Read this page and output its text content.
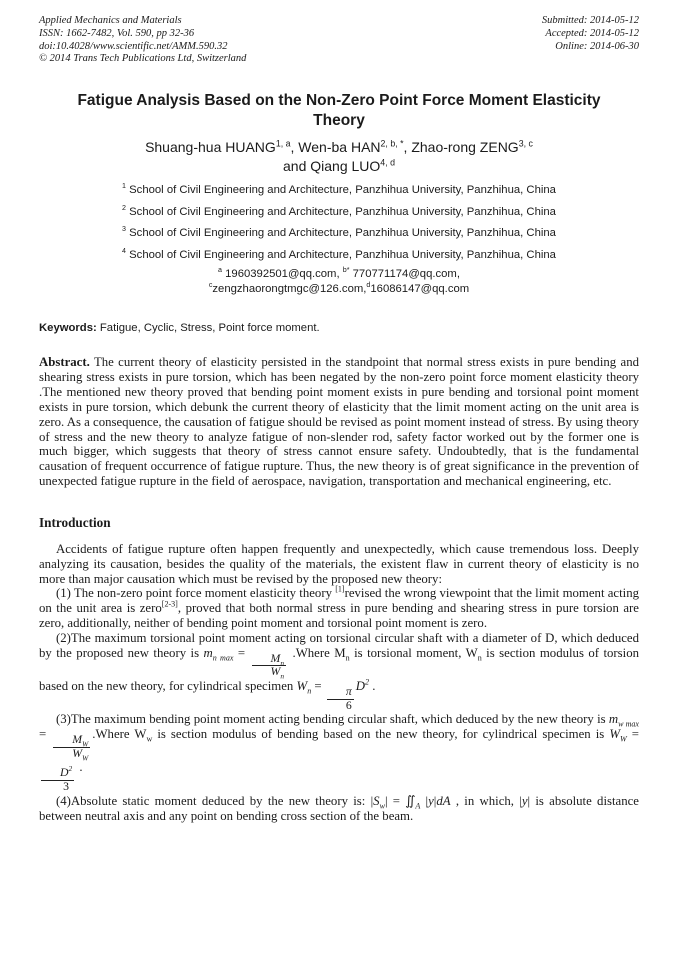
Applied Mechanics and Materials
ISSN: 1662-7482, Vol. 590, pp 32-36
doi:10.4028/www.scientific.net/AMM.590.32
© 2014 Trans Tech Publications Ltd, Switzerland
Submitted: 2014-05-12
Accepted: 2014-05-12
Online: 2014-06-30
Fatigue Analysis Based on the Non-Zero Point Force Moment Elasticity Theory
Shuang-hua HUANG$^{1, a}$, Wen-ba $HAN^{2, b, *}$, Zhao-rong ZENG$^{3, c}$
and Qiang LUO$^{4, d}$
$^1$ School of Civil Engineering and Architecture, Panzhihua University, Panzhihua, China
$^2$ School of Civil Engineering and Architecture, Panzhihua University, Panzhihua, China
$^3$ School of Civil Engineering and Architecture, Panzhihua University, Panzhihua, China
$^4$ School of Civil Engineering and Architecture, Panzhihua University, Panzhihua, China
$^a$ 1960392501@qq.com, $^{b*}$ 770771174@qq.com,
$^c$zengzhaorongtmgc@126.com,$^d$16086147@qq.com

Keywords: Fatigue, Cyclic, Stress, Point force moment.

Abstract. The current theory of elasticity persisted in the standpoint that normal stress exists in pure bending and shearing stress exists in pure torsion, which has been negated by the non-zero point force moment elasticity theory .The mentioned new theory proved that bending point moment exists in pure bending and torsional point moment exists in pure torsion, which debunk the current theory of elasticity that the limit moment acting on the unit area is zero. As a consequence, the causation of fatigue should be revised as point moment instead of stress. By using theory of stress and the new theory to analyze fatigue of non-slender rod, safety factor worked out by the former one is much bigger, which suggests that theory of stress cannot ensure safety. Undoubtedly, that is the fundamental causation of frequent occurrence of fatigue rupture. Thus, the new theory is of great significance in the prevention of unexpected fatigue rupture in the field of aerospace, navigation, transportation and mechanical engineering, etc.

Introduction

Accidents of fatigue rupture often happen frequently and unexpectedly, which cause tremendous loss. Deeply analyzing its causation, besides the quality of the materials, the existent flaw in current theory of elasticity is no more than major causation which must be revised by the proposed new theory:

(1) The non-zero point force moment elasticity theory [1]revised the wrong viewpoint that the limit moment acting on the unit area is zero[2-3], proved that both normal stress in pure bending and shearing stress in pure torsion are zero, additionally, neither of bending point moment and torsional point moment is zero.

(2)The maximum torsional point moment acting on torsional circular shaft with a diameter of D, which deduced by the proposed new theory is $m_{n max} = \frac{M_n}{W_n}$ .Where $M_n$ is torsional moment, $W_n$ is section modulus of torsion based on the new theory, for cylindrical specimen $W_n = \frac{\pi}{6} D^2$ .

(3)The maximum bending point moment acting bending circular shaft, which deduced by the new theory is $m_{w max} = \frac{M_W}{W_W}$ .Where $W_w$ is section modulus of bending based on the new theory, for cylindrical specimen is $W_W$ =
$\frac{D^2}{3}$ .

(4)Absolute static moment deduced by the new theory is: $|S_w|$ = $∬_A$ |y|dA , in which, |y| is absolute distance between neutral axis and any point on bending cross section of the beam.
